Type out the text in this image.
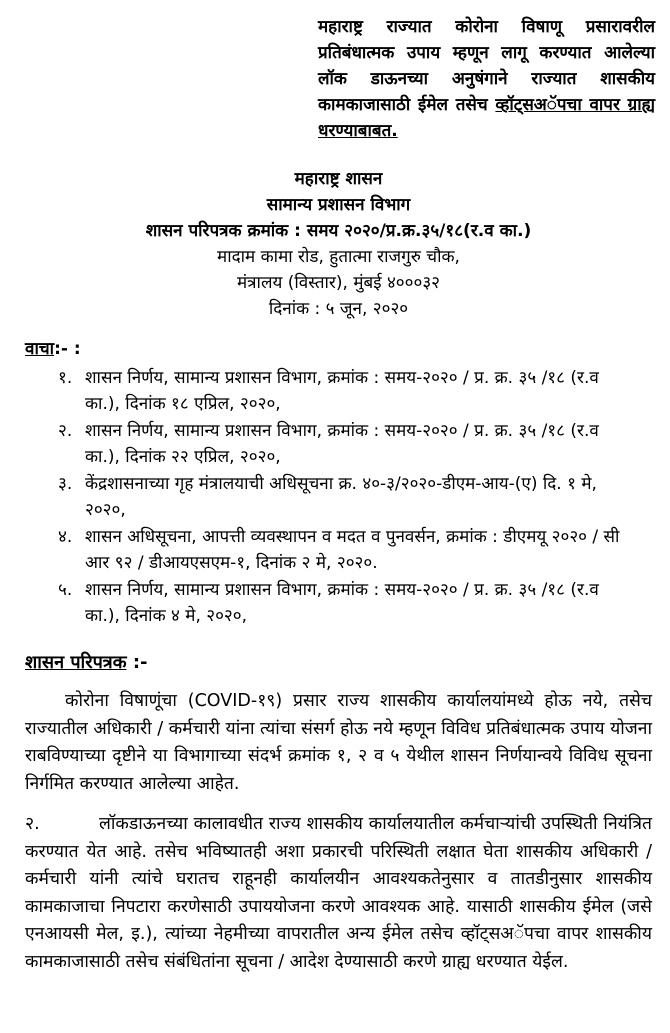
महाराष्ट्र राज्यात कोरोना विषाणू प्रसारावरील प्रतिबंधात्मक उपाय म्हणून लागू करण्यात आलेल्या लॉक डाऊनच्या अनुषंगाने राज्यात शासकीय कामकाजासाठी ईमेल तसेच व्हॉट्सअॅपचा वापर ग्राह्य धरण्याबाबत.
महाराष्ट्र शासन
सामान्य प्रशासन विभाग
शासन परिपत्रक क्रमांक : समय २०२०/प्र.क्र.३५/१८(र.व का.)
मादाम कामा रोड, हुतात्मा राजगुरु चौक,
मंत्रालय (विस्तार), मुंबई ४०००३२
दिनांक : ५ जून, २०२०
वाचा:- :
१. शासन निर्णय, सामान्य प्रशासन विभाग, क्रमांक : समय-२०२० / प्र. क्र. ३५ /१८ (र.व का.), दिनांक १८ एप्रिल, २०२०,
२. शासन निर्णय, सामान्य प्रशासन विभाग, क्रमांक : समय-२०२० / प्र. क्र. ३५ /१८ (र.व का.), दिनांक २२ एप्रिल, २०२०,
३. केंद्रशासनाच्या गृह मंत्रालयाची अधिसूचना क्र. ४०-३/२०२०-डीएम-आय-(ए) दि. १ मे, २०२०,
४. शासन अधिसूचना, आपत्ती व्यवस्थापन व मदत व पुनवर्सन, क्रमांक : डीएमयू २०२० / सी आर ९२ / डीआयएसएम-१, दिनांक २ मे, २०२०.
५. शासन निर्णय, सामान्य प्रशासन विभाग, क्रमांक : समय-२०२० / प्र. क्र. ३५ /१८ (र.व का.), दिनांक ४ मे, २०२०,
शासन परिपत्रक :-
कोरोना विषाणूंचा (COVID-१९) प्रसार राज्य शासकीय कार्यालयांमध्ये होऊ नये, तसेच राज्यातील अधिकारी / कर्मचारी यांना त्यांचा संसर्ग होऊ नये म्हणून विविध प्रतिबंधात्मक उपाय योजना राबविण्याच्या दृष्टीने या विभागाच्या संदर्भ क्रमांक १, २ व ५ येथील शासन निर्णयान्वये विविध सूचना निर्गमित करण्यात आलेल्या आहेत.
२.	लॉकडाऊनच्या कालावधीत राज्य शासकीय कार्यालयातील कर्मचाऱ्यांची उपस्थिती नियंत्रित करण्यात येत आहे. तसेच भविष्यातही अशा प्रकारची परिस्थिती लक्षात घेता शासकीय अधिकारी / कर्मचारी यांनी त्यांचे घरातच राहूनही कार्यालयीन आवश्यकतेनुसार व तातडीनुसार शासकीय कामकाजाचा निपटारा करणेसाठी उपाययोजना करणे आवश्यक आहे. यासाठी शासकीय ईमेल (जसे एनआयसी मेल, इ.), त्यांच्या नेहमीच्या वापरातील अन्य ईमेल तसेच व्हॉट्सअॅपचा वापर शासकीय कामकाजासाठी तसेच संबंधितांना सूचना / आदेश देण्यासाठी करणे ग्राह्य धरण्यात येईल.
